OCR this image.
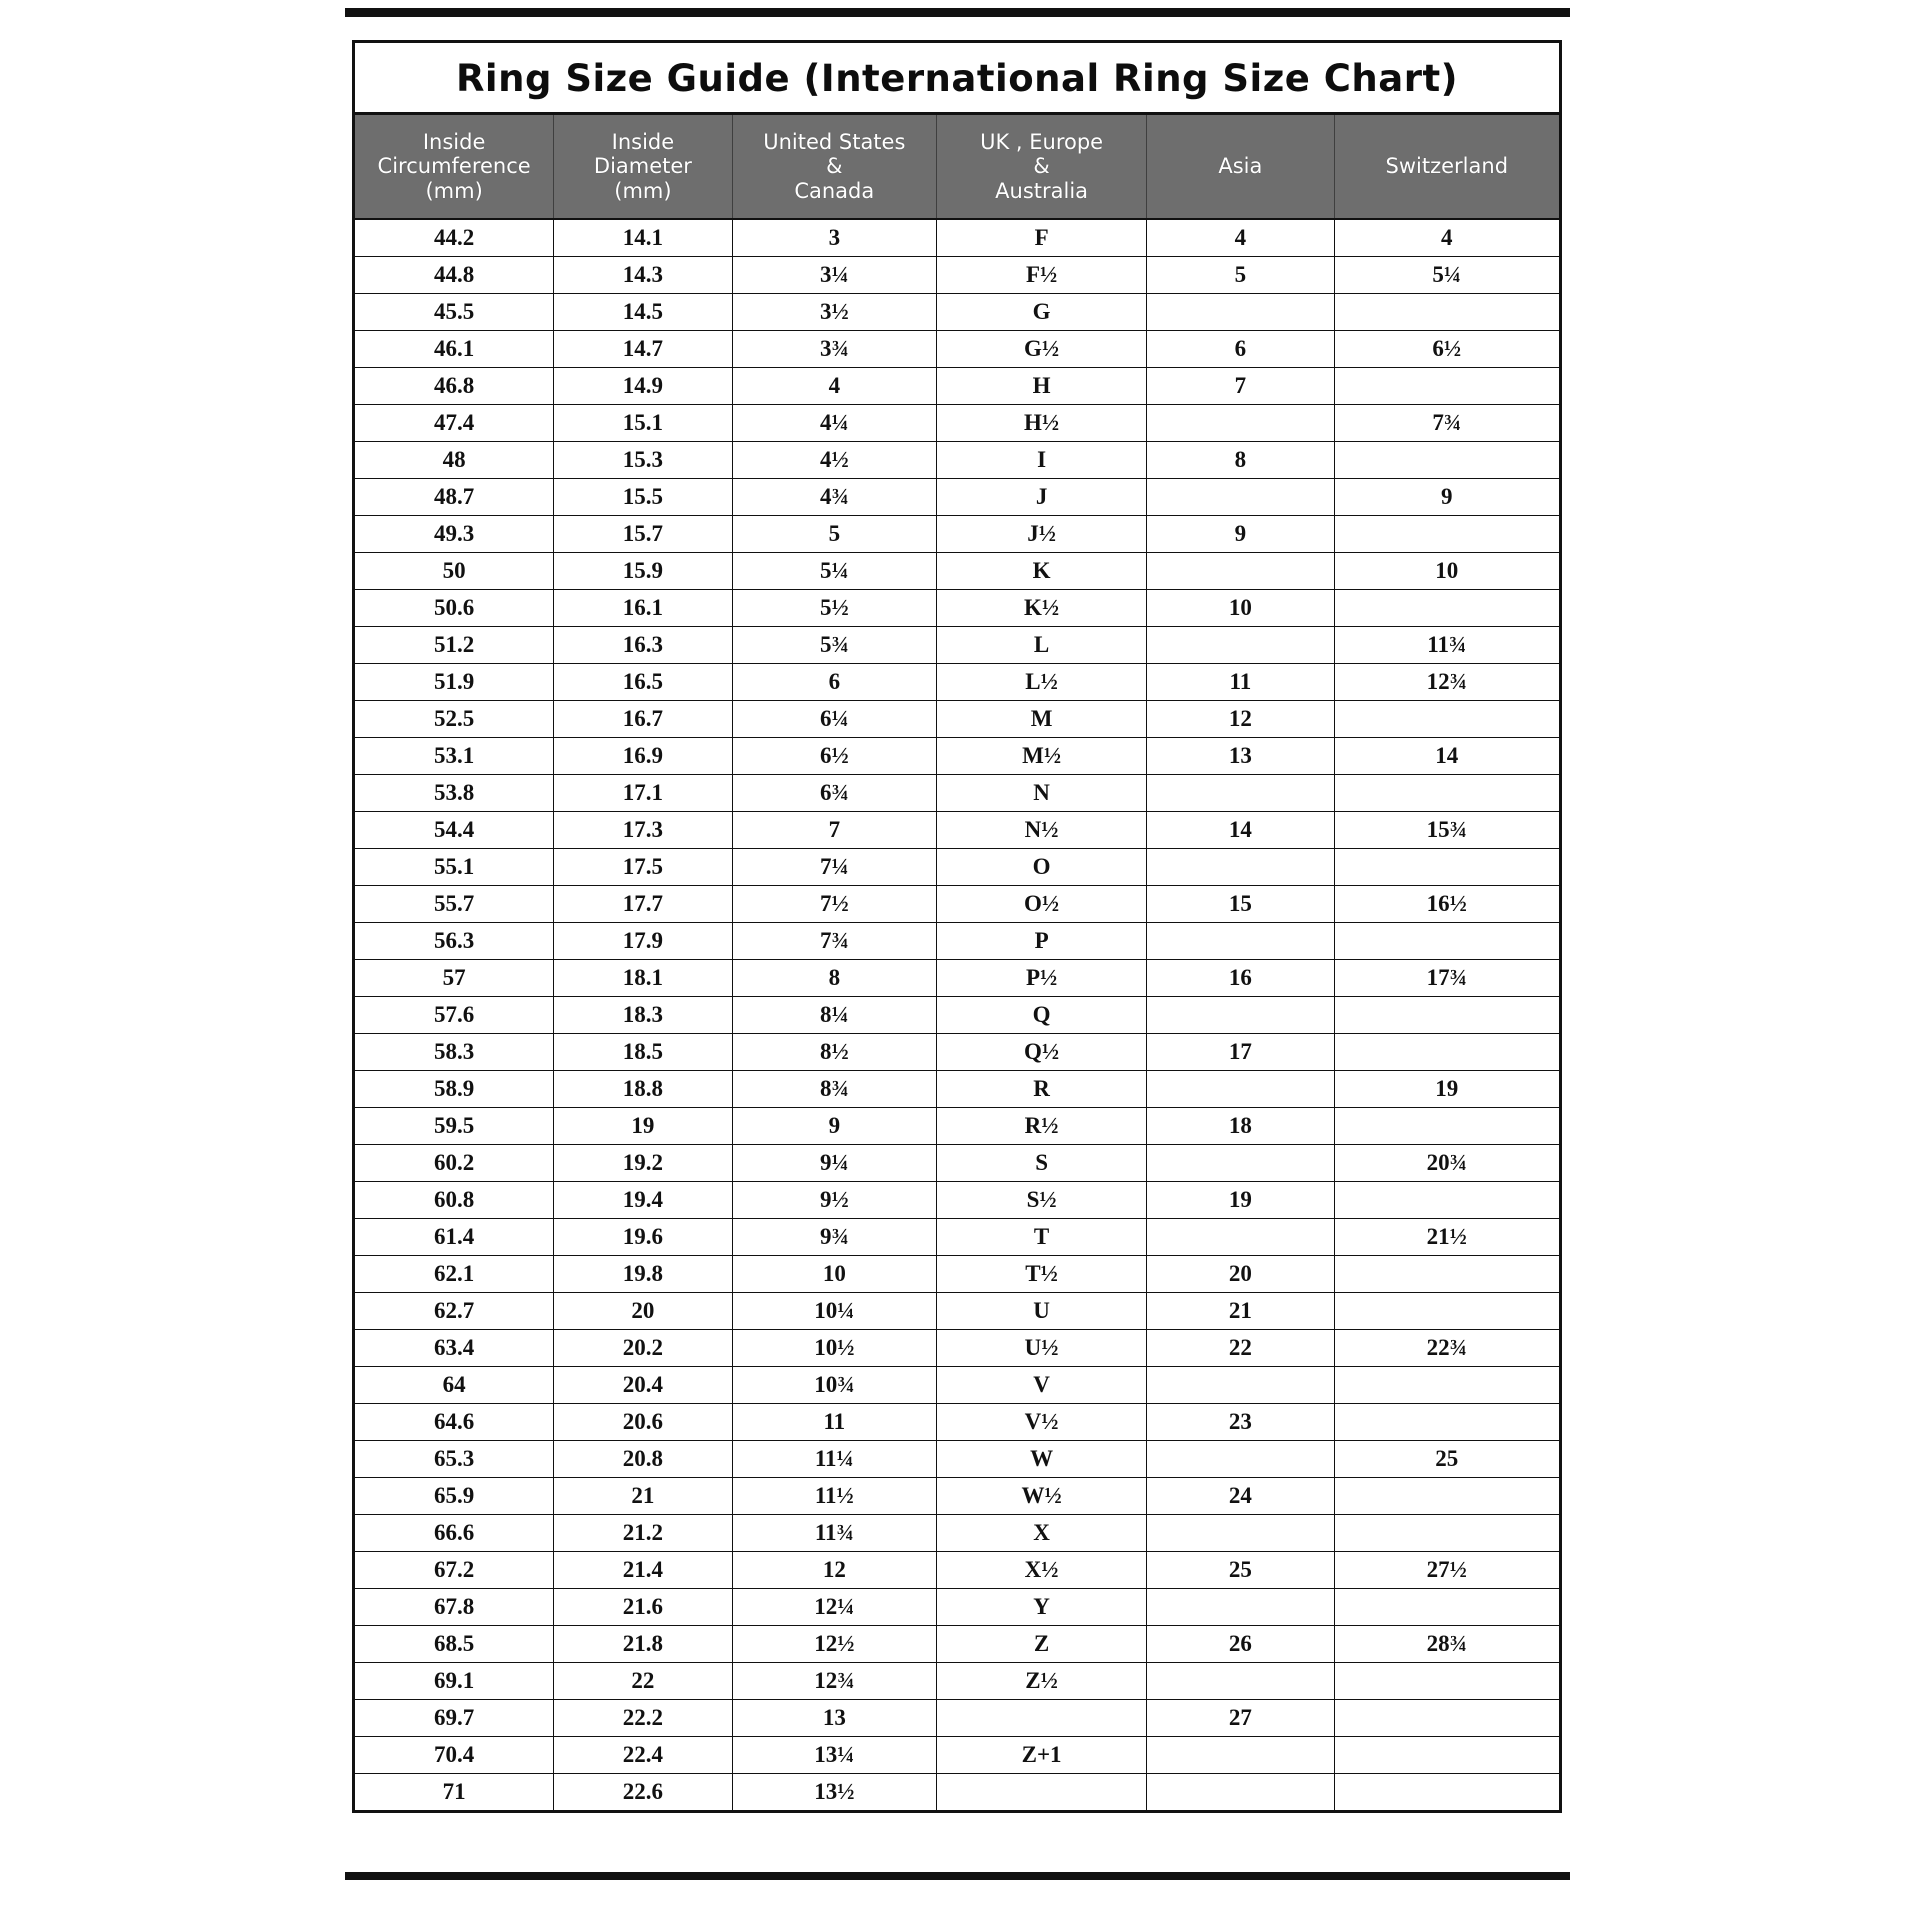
Ring Size Guide (International Ring Size Chart)
Inside
Circumference
(mm)	Inside
Diameter
(mm)	United States
&
Canada	UK , Europe
&
Australia	Asia	Switzerland

44.2	14.1	3	F	4	4
44.8	14.3	3¼	F½	5	5¼
45.5	14.5	3½	G		
46.1	14.7	3¾	G½	6	6½
46.8	14.9	4	H	7	
47.4	15.1	4¼	H½		7¾
48	15.3	4½	I	8	
48.7	15.5	4¾	J		9
49.3	15.7	5	J½	9	
50	15.9	5¼	K		10
50.6	16.1	5½	K½	10	
51.2	16.3	5¾	L		11¾
51.9	16.5	6	L½	11	12¾
52.5	16.7	6¼	M	12	
53.1	16.9	6½	M½	13	14
53.8	17.1	6¾	N		
54.4	17.3	7	N½	14	15¾
55.1	17.5	7¼	O		
55.7	17.7	7½	O½	15	16½
56.3	17.9	7¾	P		
57	18.1	8	P½	16	17¾
57.6	18.3	8¼	Q		
58.3	18.5	8½	Q½	17	
58.9	18.8	8¾	R		19
59.5	19	9	R½	18	
60.2	19.2	9¼	S		20¾
60.8	19.4	9½	S½	19	
61.4	19.6	9¾	T		21½
62.1	19.8	10	T½	20	
62.7	20	10¼	U	21	
63.4	20.2	10½	U½	22	22¾
64	20.4	10¾	V		
64.6	20.6	11	V½	23	
65.3	20.8	11¼	W		25
65.9	21	11½	W½	24	
66.6	21.2	11¾	X		
67.2	21.4	12	X½	25	27½
67.8	21.6	12¼	Y		
68.5	21.8	12½	Z	26	28¾
69.1	22	12¾	Z½		
69.7	22.2	13		27	
70.4	22.4	13¼	Z+1		
71	22.6	13½			
